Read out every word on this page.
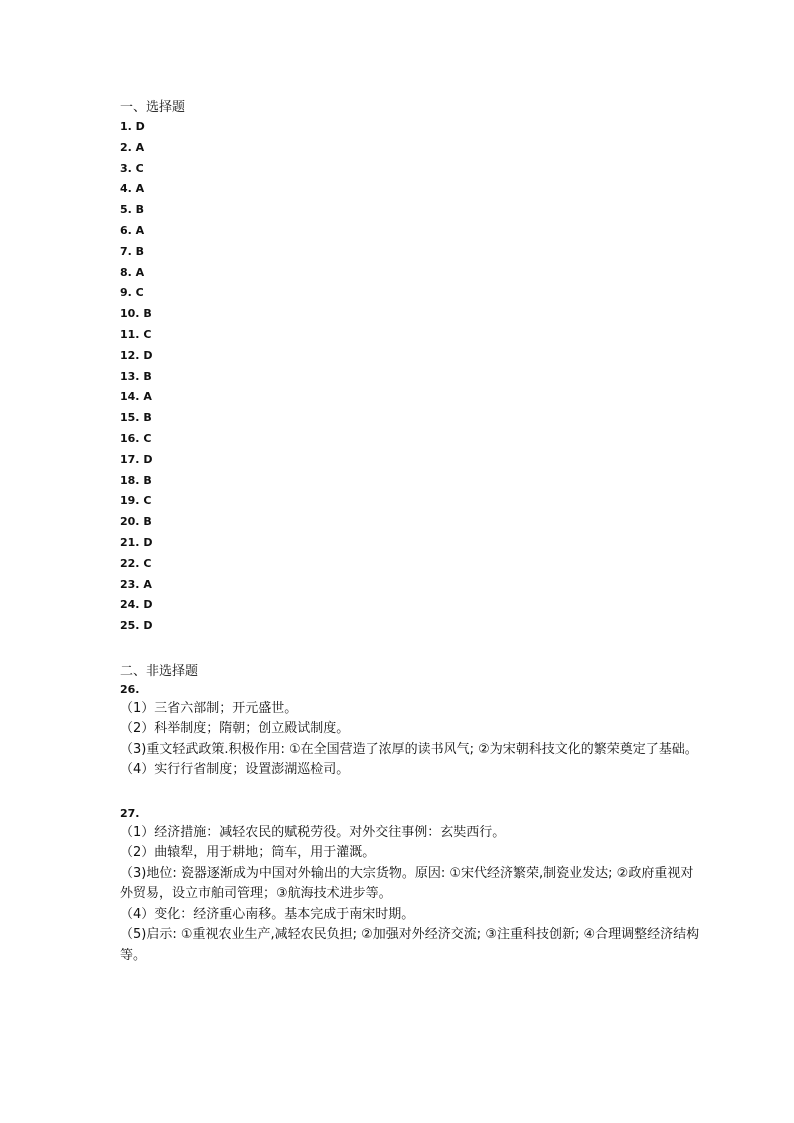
一、选择题
1. D
2. A
3. C
4. A
5. B
6. A
7. B
8. A
9. C
10. B
11. C
12. D
13. B
14. A
15. B
16. C
17. D
18. B
19. C
20. B
21. D
22. C
23. A
24. D
25. D
二、非选择题
26.

（1）三省六部制；开元盛世。

（2）科举制度；隋朝；创立殿试制度。

（3)重文轻武政策.积极作用: ①在全国营造了浓厚的读书风气; ②为宋朝科技文化的繁荣奠定了基础。

（4）实行行省制度；设置澎湖巡检司。

27.

（1）经济措施：减轻农民的赋税劳役。对外交往事例：玄奘西行。

（2）曲辕犁，用于耕地；筒车，用于灌溉。

（3)地位: 瓷器逐渐成为中国对外输出的大宗货物。原因: ①宋代经济繁荣,制瓷业发达; ②政府重视对外贸易，设立市舶司管理；③航海技术进步等。

（4）变化：经济重心南移。基本完成于南宋时期。

（5)启示: ①重视农业生产,减轻农民负担; ②加强对外经济交流; ③注重科技创新; ④合理调整经济结构等。
